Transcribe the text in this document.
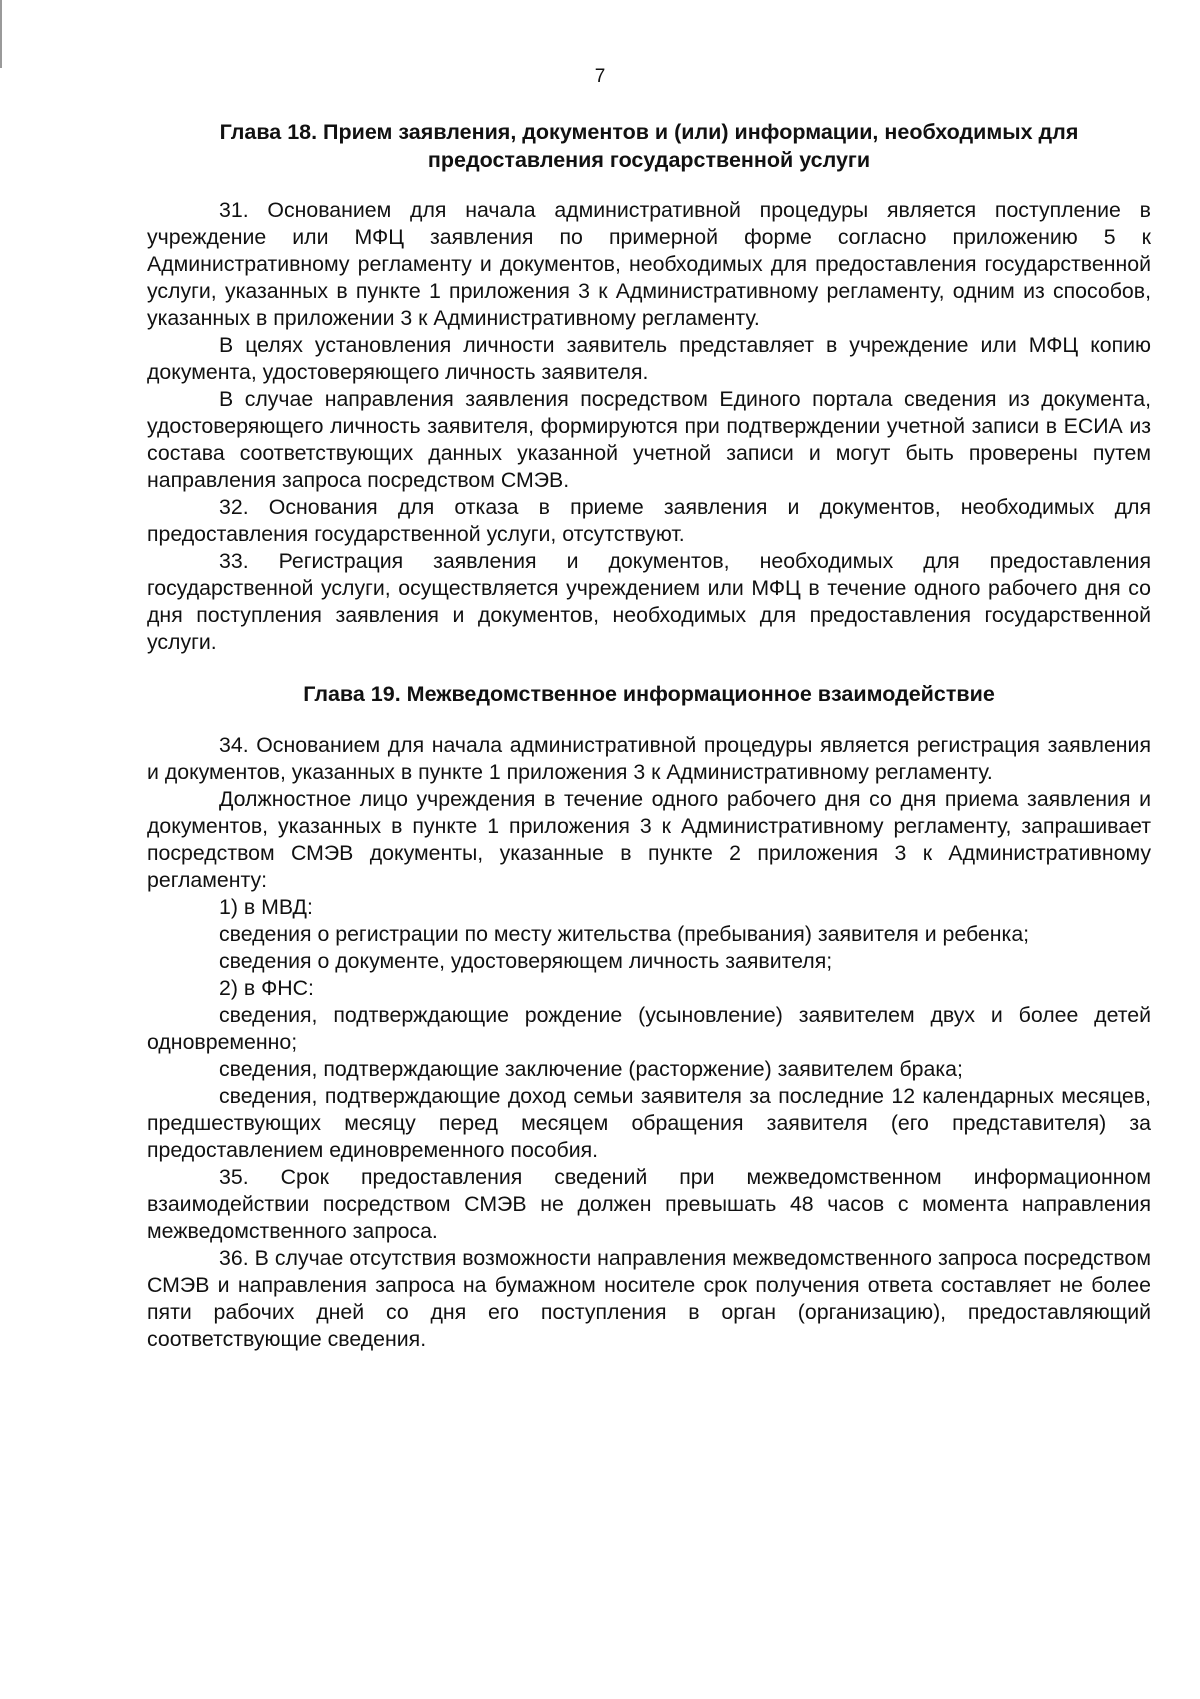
7
Глава 18. Прием заявления, документов и (или) информации, необходимых для предоставления государственной услуги

31. Основанием для начала административной процедуры является поступление в учреждение или МФЦ заявления по примерной форме согласно приложению 5 к Административному регламенту и документов, необходимых для предоставления государственной услуги, указанных в пункте 1 приложения 3 к Административному регламенту, одним из способов, указанных в приложении 3 к Административному регламенту.

В целях установления личности заявитель представляет в учреждение или МФЦ копию документа, удостоверяющего личность заявителя.

В случае направления заявления посредством Единого портала сведения из документа, удостоверяющего личность заявителя, формируются при подтверждении учетной записи в ЕСИА из состава соответствующих данных указанной учетной записи и могут быть проверены путем направления запроса посредством СМЭВ.

32. Основания для отказа в приеме заявления и документов, необходимых для предоставления государственной услуги, отсутствуют.

33. Регистрация заявления и документов, необходимых для предоставления государственной услуги, осуществляется учреждением или МФЦ в течение одного рабочего дня со дня поступления заявления и документов, необходимых для предоставления государственной услуги.

Глава 19. Межведомственное информационное взаимодействие

34. Основанием для начала административной процедуры является регистрация заявления и документов, указанных в пункте 1 приложения 3 к Административному регламенту.

Должностное лицо учреждения в течение одного рабочего дня со дня приема заявления и документов, указанных в пункте 1 приложения 3 к Административному регламенту, запрашивает посредством СМЭВ документы, указанные в пункте 2 приложения 3 к Административному регламенту:

1) в МВД:

сведения о регистрации по месту жительства (пребывания) заявителя и ребенка;

сведения о документе, удостоверяющем личность заявителя;

2) в ФНС:

сведения, подтверждающие рождение (усыновление) заявителем двух и более детей одновременно;

сведения, подтверждающие заключение (расторжение) заявителем брака;

сведения, подтверждающие доход семьи заявителя за последние 12 календарных месяцев, предшествующих месяцу перед месяцем обращения заявителя (его представителя) за предоставлением единовременного пособия.

35. Срок предоставления сведений при межведомственном информационном взаимодействии посредством СМЭВ не должен превышать 48 часов с момента направления межведомственного запроса.

36. В случае отсутствия возможности направления межведомственного запроса посредством СМЭВ и направления запроса на бумажном носителе срок получения ответа составляет не более пяти рабочих дней со дня его поступления в орган (организацию), предоставляющий соответствующие сведения.
